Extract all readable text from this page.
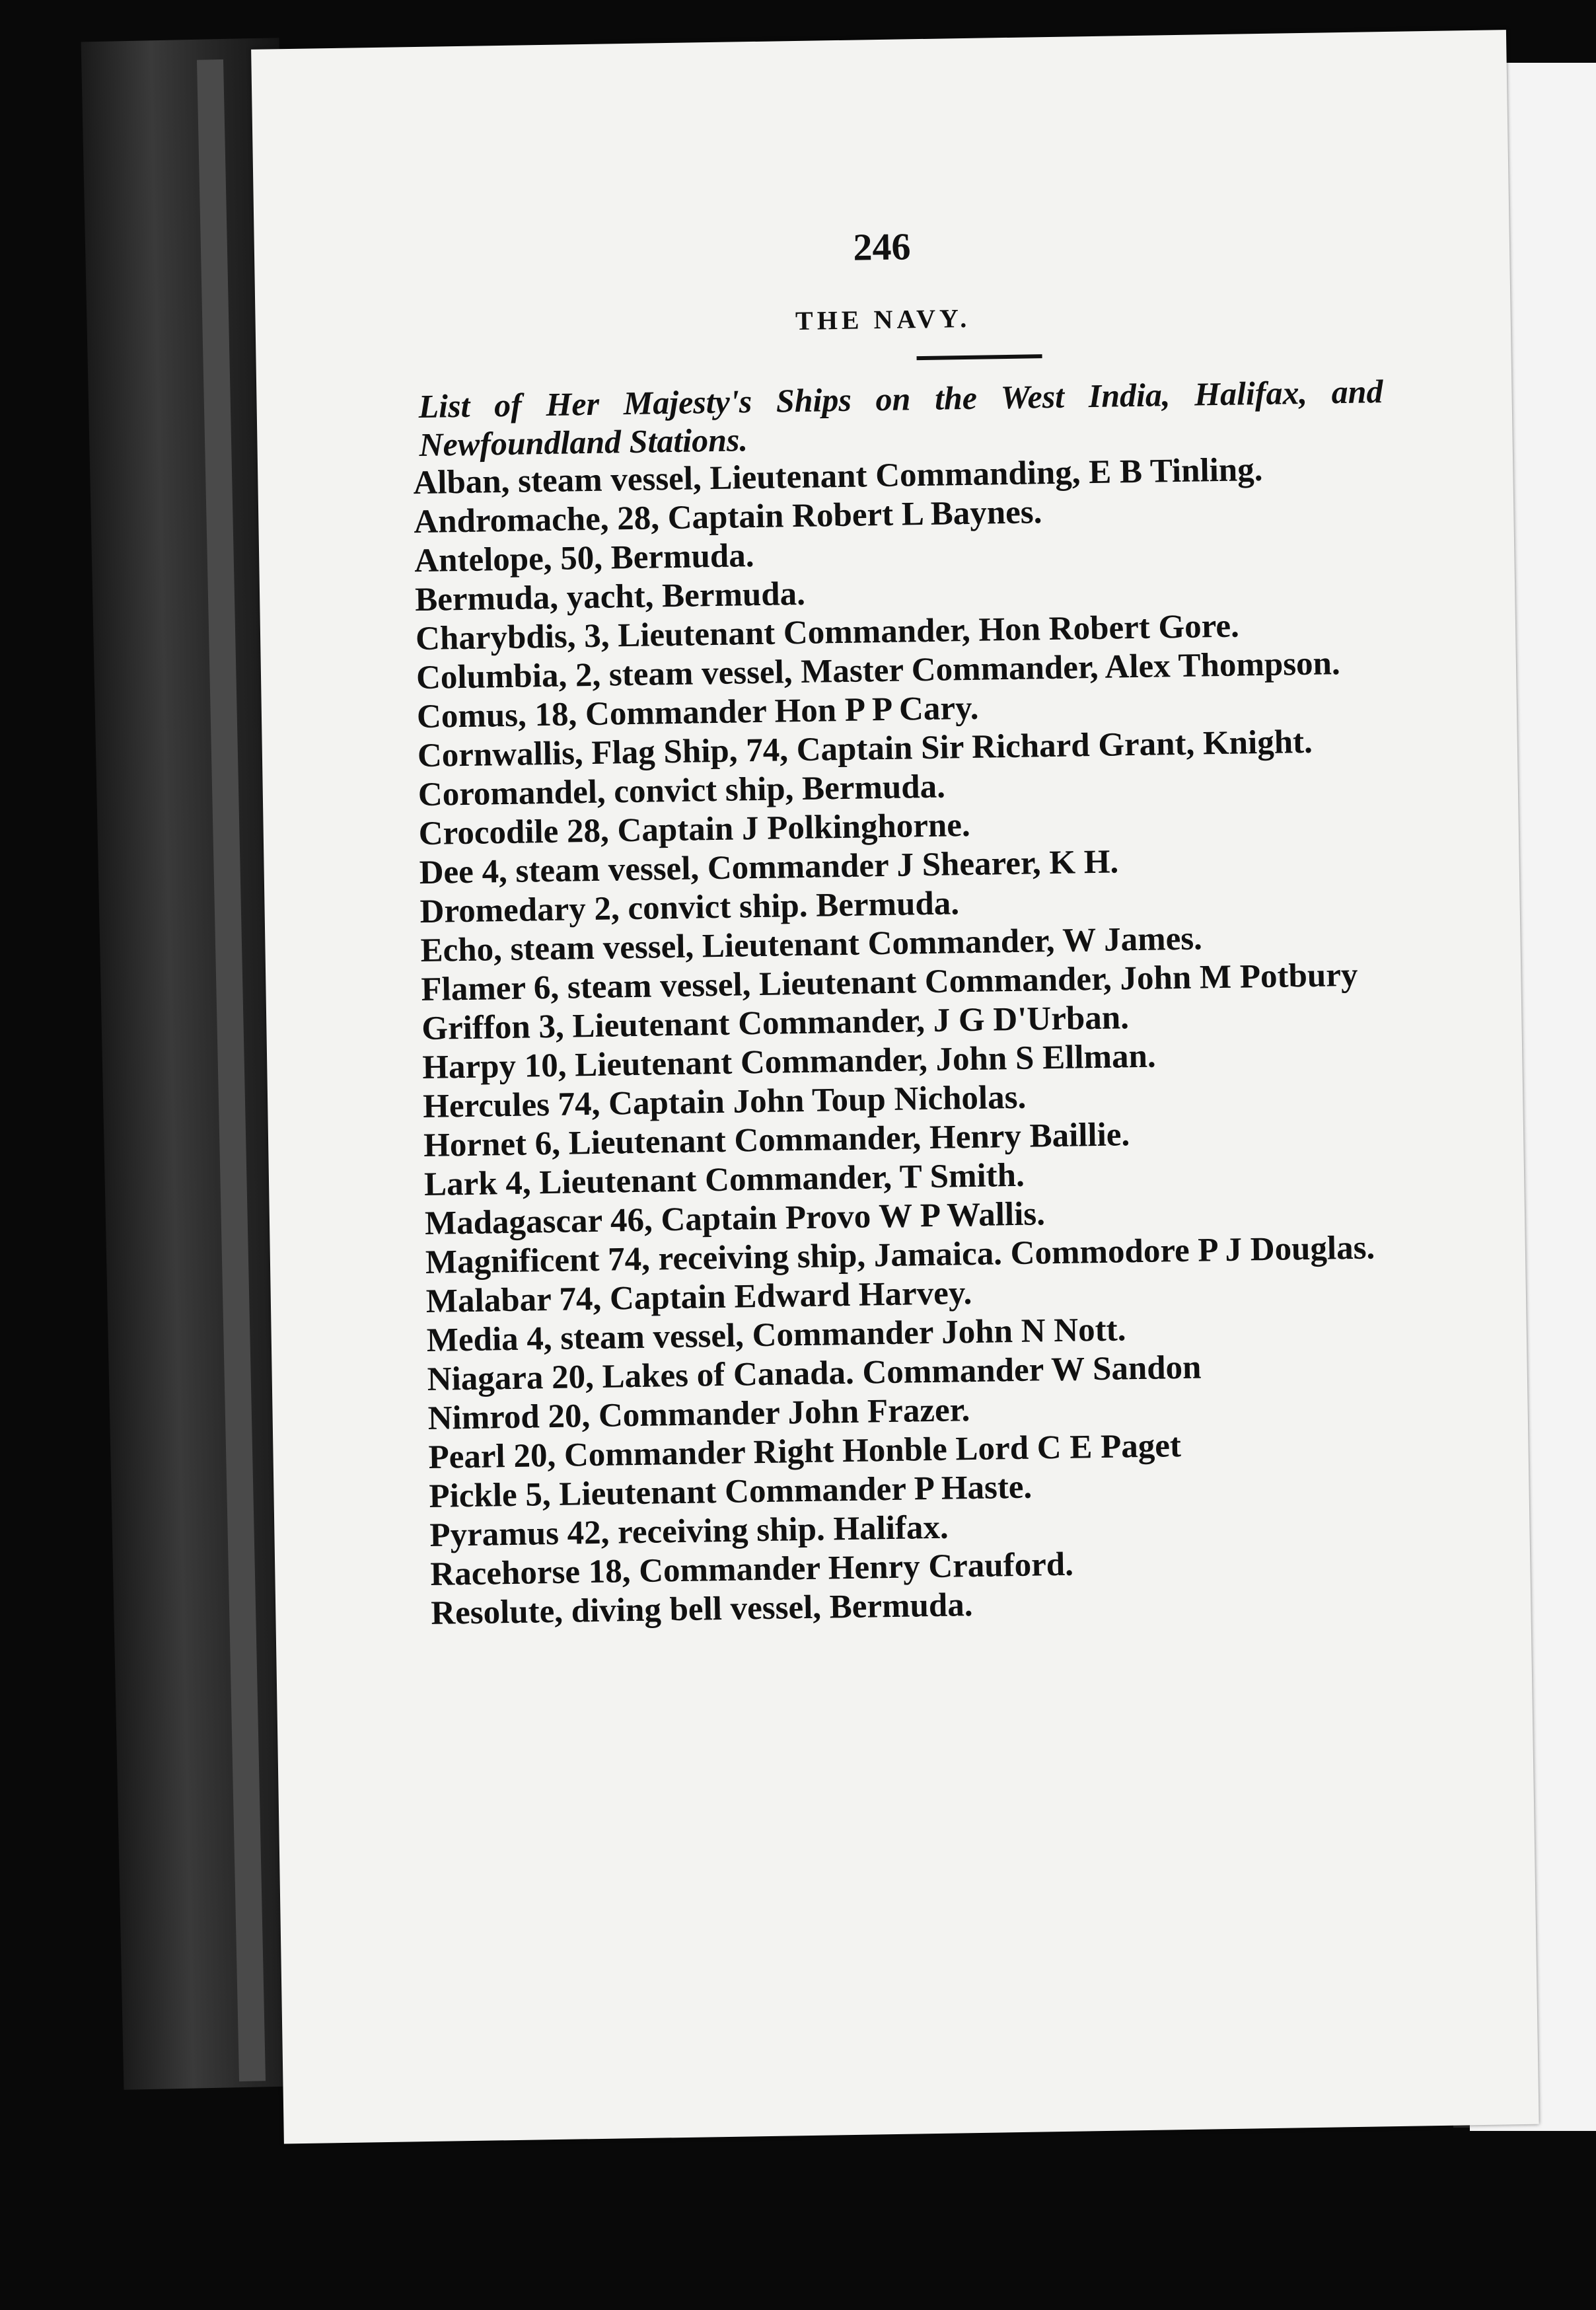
246
THE NAVY.
List of Her Majesty's Ships on the West India, Halifax, and Newfoundland Stations.
Alban, steam vessel, Lieutenant Commanding, E B Tinling.
Andromache, 28, Captain Robert L Baynes.
Antelope, 50, Bermuda.
Bermuda, yacht, Bermuda.
Charybdis, 3, Lieutenant Commander, Hon Robert Gore.
Columbia, 2, steam vessel, Master Commander, Alex Thompson.
Comus, 18, Commander Hon P P Cary.
Cornwallis, Flag Ship, 74, Captain Sir Richard Grant, Knight.
Coromandel, convict ship, Bermuda.
Crocodile 28, Captain J Polkinghorne.
Dee 4, steam vessel, Commander J Shearer, K H.
Dromedary 2, convict ship. Bermuda.
Echo, steam vessel, Lieutenant Commander, W James.
Flamer 6, steam vessel, Lieutenant Commander, John M Potbury
Griffon 3, Lieutenant Commander, J G D'Urban.
Harpy 10, Lieutenant Commander, John S Ellman.
Hercules 74, Captain John Toup Nicholas.
Hornet 6, Lieutenant Commander, Henry Baillie.
Lark 4, Lieutenant Commander, T Smith.
Madagascar 46, Captain Provo W P Wallis.
Magnificent 74, receiving ship, Jamaica. Commodore P J Douglas.
Malabar 74, Captain Edward Harvey.
Media 4, steam vessel, Commander John N Nott.
Niagara 20, Lakes of Canada. Commander W Sandon
Nimrod 20, Commander John Frazer.
Pearl 20, Commander Right Honble Lord C E Paget
Pickle 5, Lieutenant Commander P Haste.
Pyramus 42, receiving ship. Halifax.
Racehorse 18, Commander Henry Crauford.
Resolute, diving bell vessel, Bermuda.
